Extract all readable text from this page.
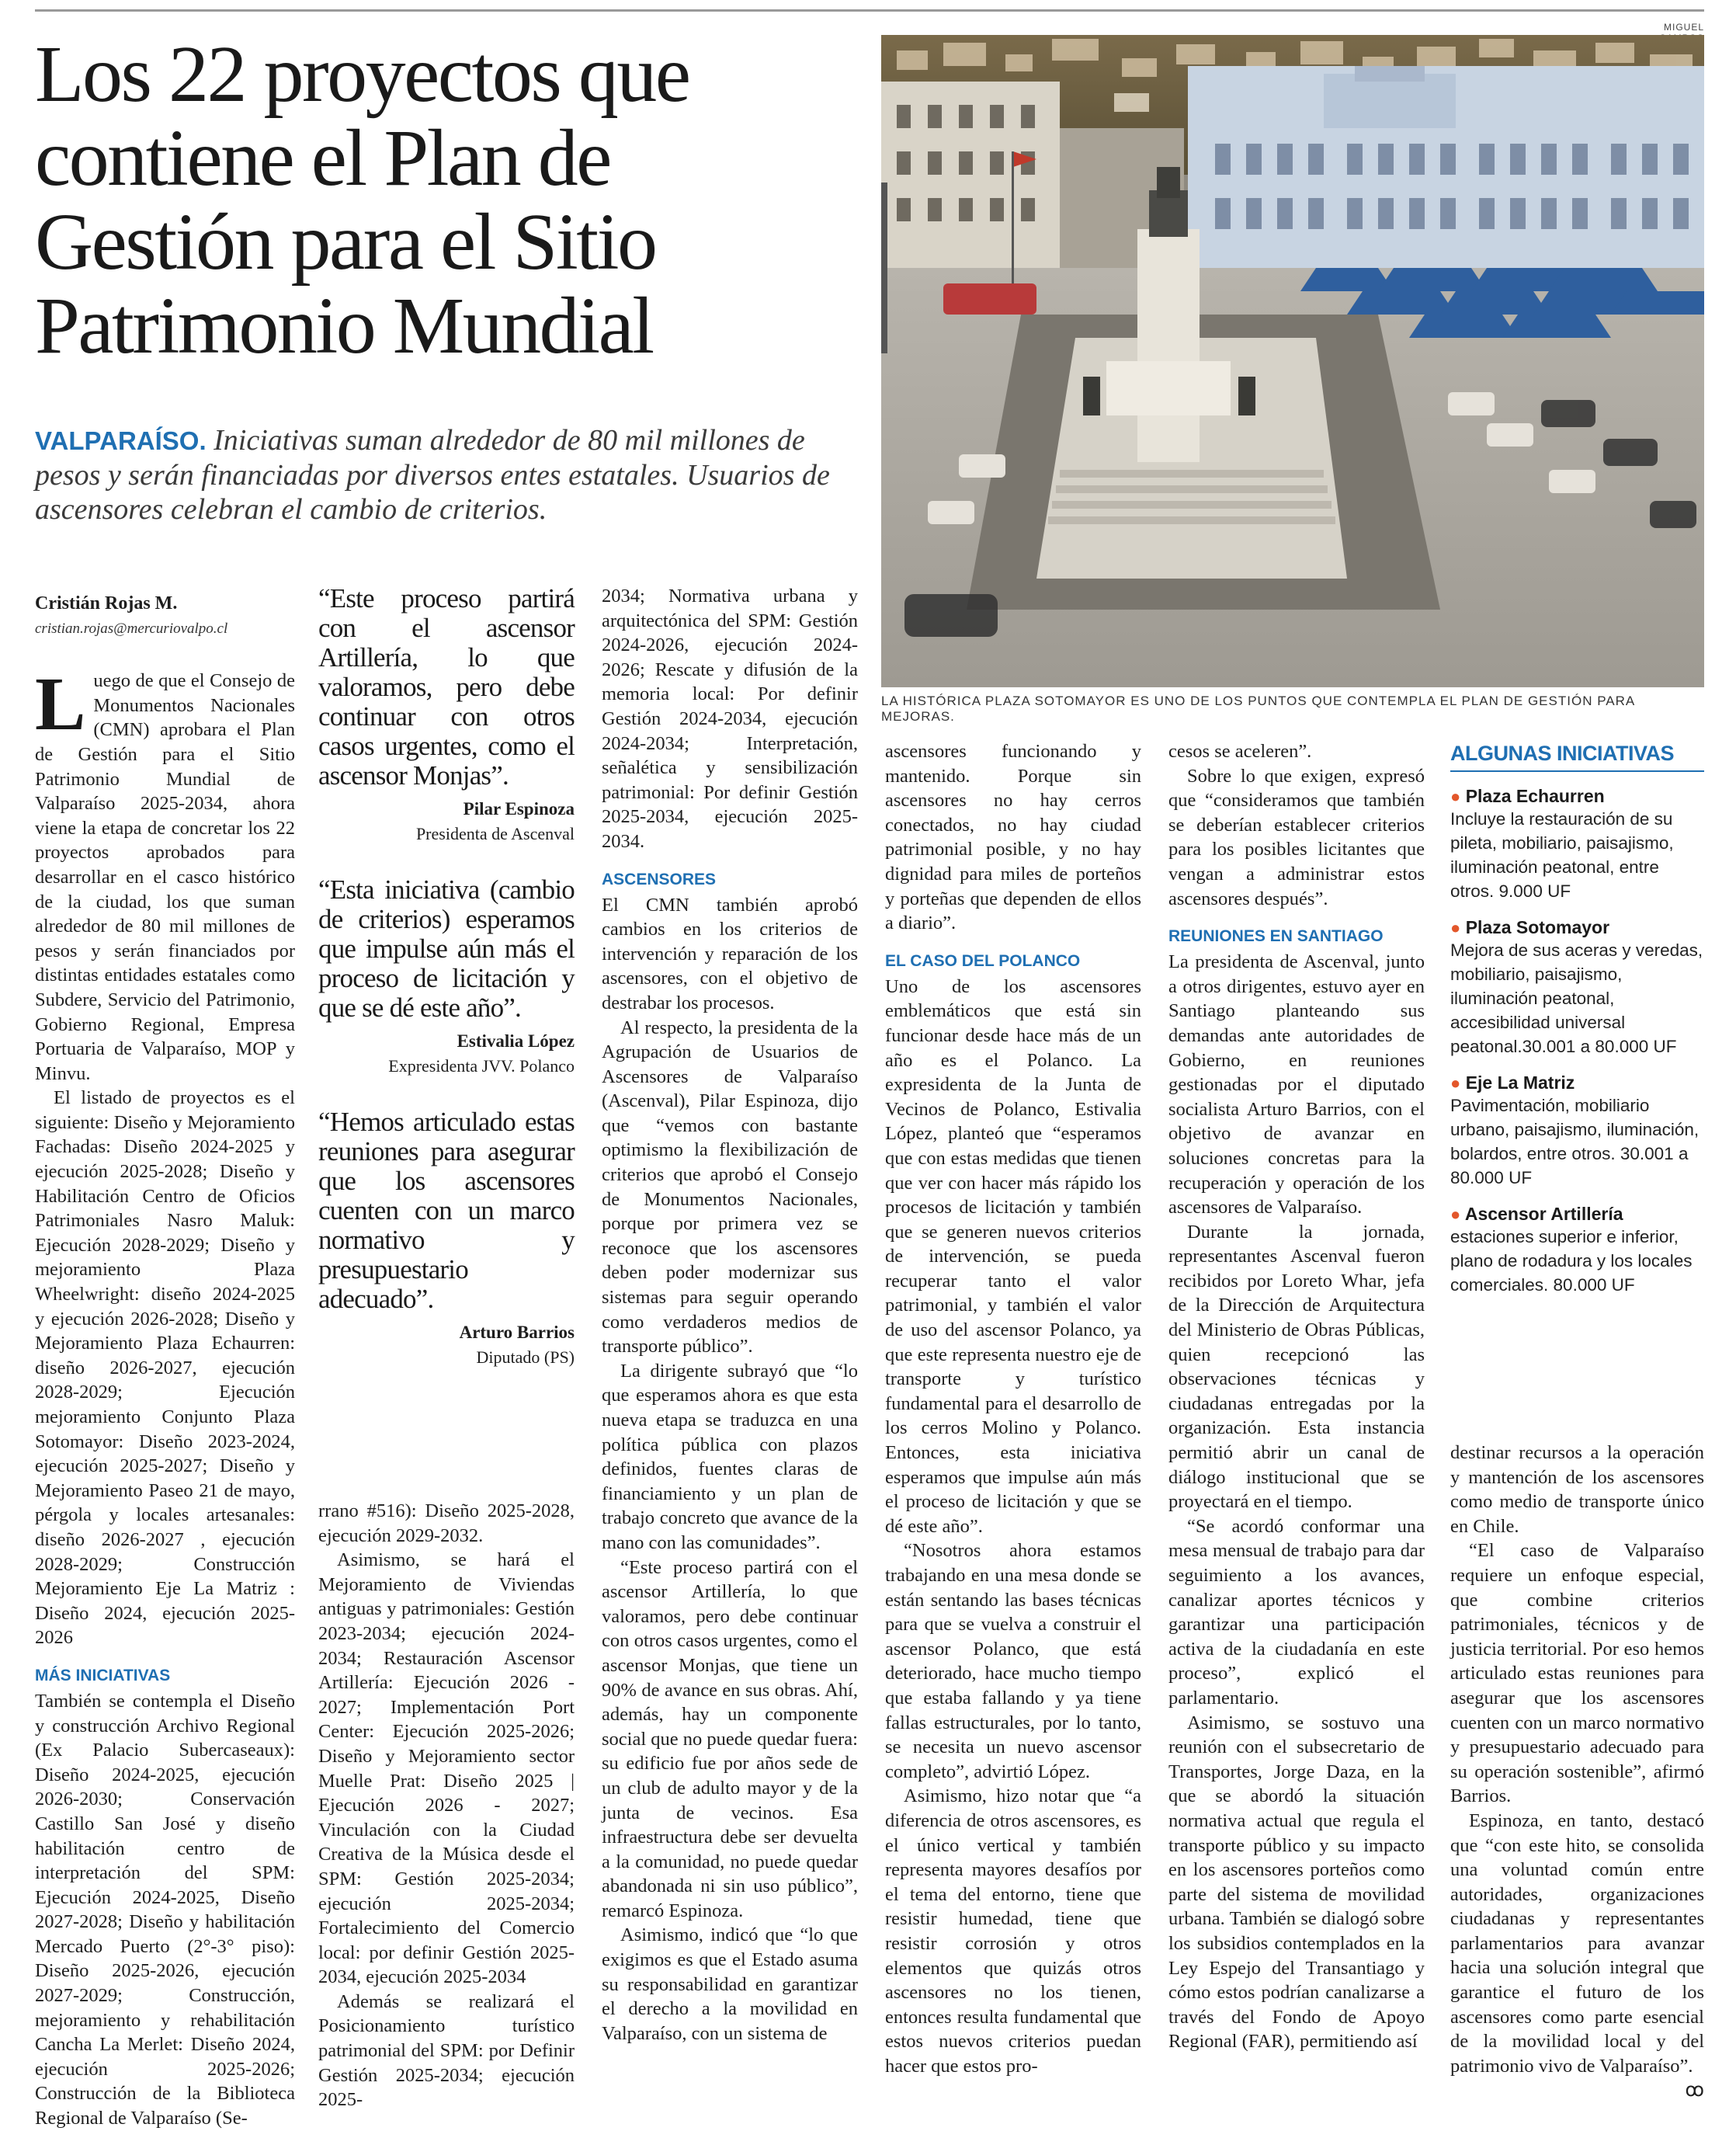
Los 22 proyectos que contiene el Plan de Gestión para el Sitio Patrimonio Mundial
VALPARAÍSO. Iniciativas suman alrededor de 80 mil millones de pesos y serán financiadas por diversos entes estatales. Usuarios de ascensores celebran el cambio de criterios.
MIGUEL
LA HISTÓRICA PLAZA SOTOMAYOR ES UNO DE LOS PUNTOS QUE CONTEMPLA EL PLAN DE GESTIÓN PARA MEJORAS.
Cristián Rojas M.
cristian.rojas@mercuriovalpo.cl

Luego de que el Consejo de Monumentos Nacionales (CMN) aprobara el Plan de Gestión para el Sitio Patrimonio Mundial de Valparaíso 2025-2034, ahora viene la etapa de concretar los 22 proyectos aprobados para desarrollar en el casco histórico de la ciudad, los que suman alrededor de 80 mil millones de pesos y serán financiados por distintas entidades estatales como Subdere, Servicio del Patrimonio, Gobierno Regional, Empresa Portuaria de Valparaíso, MOP y Minvu.

El listado de proyectos es el siguiente: Diseño y Mejoramiento Fachadas: Diseño 2024-2025 y ejecución 2025-2028; Diseño y Habilitación Centro de Oficios Patrimoniales Nasro Maluk: Ejecución 2028-2029; Diseño y mejoramiento Plaza Wheelwright: diseño 2024-2025 y ejecución 2026-2028; Diseño y Mejoramiento Plaza Echaurren: diseño 2026-2027, ejecución 2028-2029; Ejecución mejoramiento Conjunto Plaza Sotomayor: Diseño 2023-2024, ejecución 2025-2027; Diseño y Mejoramiento Paseo 21 de mayo, pérgola y locales artesanales: diseño 2026-2027 , ejecución 2028-2029; Construcción Mejoramiento Eje La Matriz : Diseño 2024, ejecución 2025-2026

MÁS INICIATIVAS

También se contempla el Diseño y construcción Archivo Regional (Ex Palacio Subercaseaux): Diseño 2024-2025, ejecución 2026-2030; Conservación Castillo San José y diseño habilitación centro de interpretación del SPM: Ejecución 2024-2025, Diseño 2027-2028; Diseño y habilitación Mercado Puerto (2°-3° piso): Diseño 2025-2026, ejecución 2027-2029; Construcción, mejoramiento y rehabilitación Cancha La Merlet: Diseño 2024, ejecución 2025-2026; Construcción de la Biblioteca Regional de Valparaíso (Se-

“Este proceso partirá con el ascensor Artillería, lo que valoramos, pero debe continuar con otros casos urgentes, como el ascensor Monjas”.
Pilar Espinoza
Presidenta de Ascenval
“Esta iniciativa (cambio de criterios) esperamos que impulse aún más el proceso de licitación y que se dé este año”.
Estivalia López
Expresidenta JVV. Polanco
“Hemos articulado estas reuniones para asegurar que los ascensores cuenten con un marco normativo y presupuestario adecuado”.
Arturo Barrios
Diputado (PS)

rrano #516): Diseño 2025-2028, ejecución 2029-2032.

Asimismo, se hará el Mejoramiento de Viviendas antiguas y patrimoniales: Gestión 2023-2034; ejecución 2024-2034; Restauración Ascensor Artillería: Ejecución 2026 - 2027; Implementación Port Center: Ejecución 2025-2026; Diseño y Mejoramiento sector Muelle Prat: Diseño 2025 | Ejecución 2026 - 2027; Vinculación con la Ciudad Creativa de la Música desde el SPM: Gestión 2025-2034; ejecución 2025-2034; Fortalecimiento del Comercio local: por definir Gestión 2025-2034, ejecución 2025-2034

Además se realizará el Posicionamiento turístico patrimonial del SPM: por Definir Gestión 2025-2034; ejecución 2025-

2034; Normativa urbana y arquitectónica del SPM: Gestión 2024-2026, ejecución 2024-2026; Rescate y difusión de la memoria local: Por definir Gestión 2024-2034, ejecución 2024-2034; Interpretación, señalética y sensibilización patrimonial: Por definir Gestión 2025-2034, ejecución 2025-2034.

ASCENSORES

El CMN también aprobó cambios en los criterios de intervención y reparación de los ascensores, con el objetivo de destrabar los procesos.

Al respecto, la presidenta de la Agrupación de Usuarios de Ascensores de Valparaíso (Ascenval), Pilar Espinoza, dijo que “vemos con bastante optimismo la flexibilización de criterios que aprobó el Consejo de Monumentos Nacionales, porque por primera vez se reconoce que los ascensores deben poder modernizar sus sistemas para seguir operando como verdaderos medios de transporte público”.

La dirigente subrayó que “lo que esperamos ahora es que esta nueva etapa se traduzca en una política pública con plazos definidos, fuentes claras de financiamiento y un plan de trabajo concreto que avance de la mano con las comunidades”.

“Este proceso partirá con el ascensor Artillería, lo que valoramos, pero debe continuar con otros casos urgentes, como el ascensor Monjas, que tiene un 90% de avance en sus obras. Ahí, además, hay un componente social que no puede quedar fuera: su edificio fue por años sede de un club de adulto mayor y de la junta de vecinos. Esa infraestructura debe ser devuelta a la comunidad, no puede quedar abandonada ni sin uso público”, remarcó Espinoza.

Asimismo, indicó que “lo que exigimos es que el Estado asuma su responsabilidad en garantizar el derecho a la movilidad en Valparaíso, con un sistema de

ascensores funcionando y mantenido. Porque sin ascensores no hay cerros conectados, no hay ciudad patrimonial posible, y no hay dignidad para miles de porteños y porteñas que dependen de ellos a diario”.

EL CASO DEL POLANCO

Uno de los ascensores emblemáticos que está sin funcionar desde hace más de un año es el Polanco. La expresidenta de la Junta de Vecinos de Polanco, Estivalia López, planteó que “esperamos que con estas medidas que tienen que ver con hacer más rápido los procesos de licitación y también que se generen nuevos criterios de intervención, se pueda recuperar tanto el valor patrimonial, y también el valor de uso del ascensor Polanco, ya que este representa nuestro eje de transporte y turístico fundamental para el desarrollo de los cerros Molino y Polanco. Entonces, esta iniciativa esperamos que impulse aún más el proceso de licitación y que se dé este año”.

“Nosotros ahora estamos trabajando en una mesa donde se están sentando las bases técnicas para que se vuelva a construir el ascensor Polanco, que está deteriorado, hace mucho tiempo que estaba fallando y ya tiene fallas estructurales, por lo tanto, se necesita un nuevo ascensor completo”, advirtió López.

Asimismo, hizo notar que “a diferencia de otros ascensores, es el único vertical y también representa mayores desafíos por el tema del entorno, tiene que resistir humedad, tiene que resistir corrosión y otros elementos que quizás otros ascensores no los tienen, entonces resulta fundamental que estos nuevos criterios puedan hacer que estos pro-

cesos se aceleren”.

Sobre lo que exigen, expresó que “consideramos que también se deberían establecer criterios para los posibles licitantes que vengan a administrar estos ascensores después”.

REUNIONES EN SANTIAGO

La presidenta de Ascenval, junto a otros dirigentes, estuvo ayer en Santiago planteando sus demandas ante autoridades de Gobierno, en reuniones gestionadas por el diputado socialista Arturo Barrios, con el objetivo de avanzar en soluciones concretas para la recuperación y operación de los ascensores de Valparaíso.

Durante la jornada, representantes Ascenval fueron recibidos por Loreto Whar, jefa de la Dirección de Arquitectura del Ministerio de Obras Públicas, quien recepcionó las observaciones técnicas y ciudadanas entregadas por la organización. Esta instancia permitió abrir un canal de diálogo institucional que se proyectará en el tiempo.

“Se acordó conformar una mesa mensual de trabajo para dar seguimiento a los avances, canalizar aportes técnicos y garantizar una participación activa de la ciudadanía en este proceso”, explicó el parlamentario.

Asimismo, se sostuvo una reunión con el subsecretario de Transportes, Jorge Daza, en la que se abordó la situación normativa actual que regula el transporte público y su impacto en los ascensores porteños como parte del sistema de movilidad urbana. También se dialogó sobre los subsidios contemplados en la Ley Espejo del Transantiago y cómo estos podrían canalizarse a través del Fondo de Apoyo Regional (FAR), permitiendo así

ALGUNAS INICIATIVAS
● Plaza Echaurren
Incluye la restauración de su pileta, mobiliario, paisajismo, iluminación peatonal, entre otros. 9.000 UF
● Plaza Sotomayor
Mejora de sus aceras y veredas, mobiliario, paisajismo, iluminación peatonal, accesibilidad universal peatonal.30.001 a 80.000 UF
● Eje La Matriz
Pavimentación, mobiliario urbano, paisajismo, iluminación, bolardos, entre otros. 30.001 a 80.000 UF
● Ascensor Artillería
estaciones superior e inferior, plano de rodadura y los locales comerciales. 80.000 UF

destinar recursos a la operación y mantención de los ascensores como medio de transporte único en Chile.

“El caso de Valparaíso requiere un enfoque especial, que combine criterios patrimoniales, técnicos y de justicia territorial. Por eso hemos articulado estas reuniones para asegurar que los ascensores cuenten con un marco normativo y presupuestario adecuado para su operación sostenible”, afirmó Barrios.

Espinoza, en tanto, destacó que “con este hito, se consolida una voluntad común entre autoridades, organizaciones ciudadanas y representantes parlamentarios para avanzar hacia una solución integral que garantice el futuro de los ascensores como parte esencial de la movilidad local y del patrimonio vivo de Valparaíso”.

ꝏ
